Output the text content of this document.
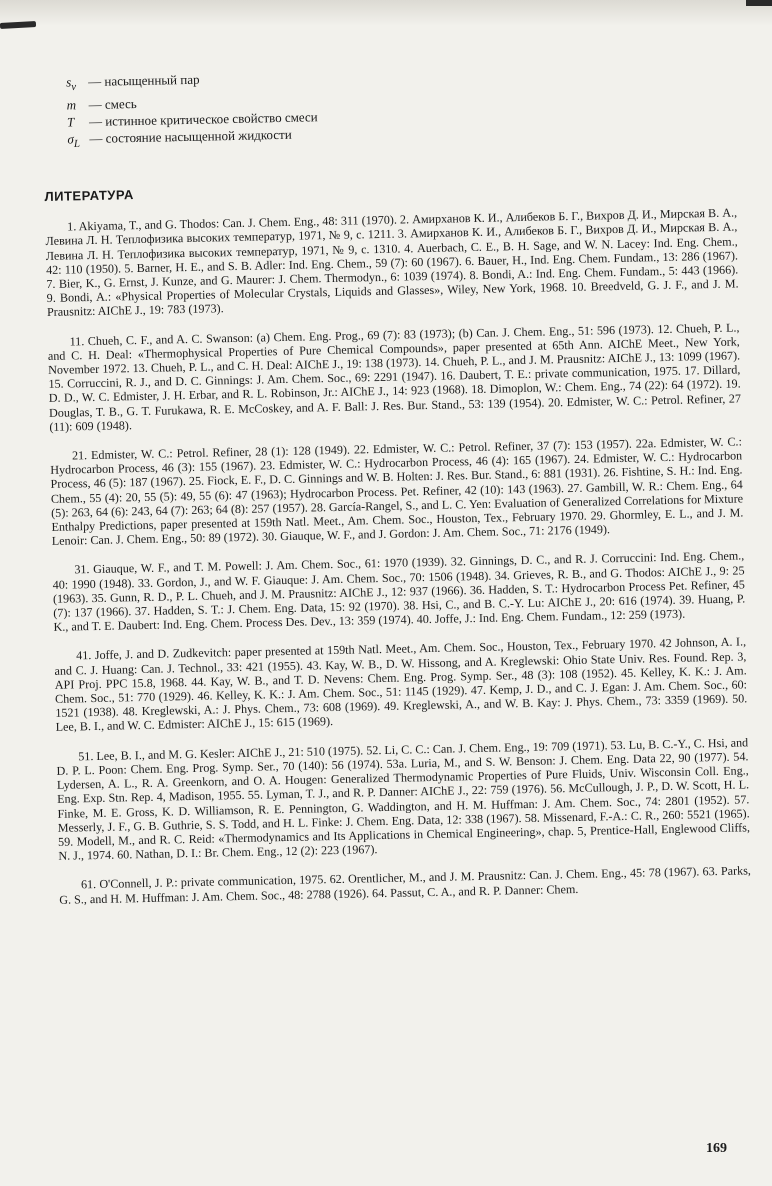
$s_v$ — насыщенный пар
m — смесь
T — истинное критическое свойство смеси
$\sigma_L$ — состояние насыщенной жидкости
ЛИТЕРАТУРА

1. Akiyama, T., and G. Thodos: Can. J. Chem. Eng., 48: 311 (1970). 2. Амирханов К. И., Алибеков Б. Г., Вихров Д. И., Мирская В. А., Левина Л. Н. Теплофизика высоких температур, 1971, № 9, с. 1211. 3. Амирханов К. И., Алибеков Б. Г., Вихров Д. И., Мирская В. А., Левина Л. Н. Теплофизика высоких температур, 1971, № 9, с. 1310. 4. Auerbach, C. E., B. H. Sage, and W. N. Lacey: Ind. Eng. Chem., 42: 110 (1950). 5. Barner, H. E., and S. B. Adler: Ind. Eng. Chem., 59 (7): 60 (1967). 6. Bauer, H., Ind. Eng. Chem. Fundam., 13: 286 (1967). 7. Bier, K., G. Ernst, J. Kunze, and G. Maurer: J. Chem. Thermodyn., 6: 1039 (1974). 8. Bondi, A.: Ind. Eng. Chem. Fundam., 5: 443 (1966). 9. Bondi, A.: «Physical Properties of Molecular Crystals, Liquids and Glasses», Wiley, New York, 1968. 10. Breedveld, G. J. F., and J. M. Prausnitz: AIChE J., 19: 783 (1973).

11. Chueh, C. F., and A. C. Swanson: (a) Chem. Eng. Prog., 69 (7): 83 (1973); (b) Can. J. Chem. Eng., 51: 596 (1973). 12. Chueh, P. L., and C. H. Deal: «Thermophysical Properties of Pure Chemical Compounds», paper presented at 65th Ann. AIChE Meet., New York, November 1972. 13. Chueh, P. L., and C. H. Deal: AIChE J., 19: 138 (1973). 14. Chueh, P. L., and J. M. Prausnitz: AIChE J., 13: 1099 (1967). 15. Corruccini, R. J., and D. C. Ginnings: J. Am. Chem. Soc., 69: 2291 (1947). 16. Daubert, T. E.: private communication, 1975. 17. Dillard, D. D., W. C. Edmister, J. H. Erbar, and R. L. Robinson, Jr.: AIChE J., 14: 923 (1968). 18. Dimoplon, W.: Chem. Eng., 74 (22): 64 (1972). 19. Douglas, T. B., G. T. Furukawa, R. E. McCoskey, and A. F. Ball: J. Res. Bur. Stand., 53: 139 (1954). 20. Edmister, W. C.: Petrol. Refiner, 27 (11): 609 (1948).

21. Edmister, W. C.: Petrol. Refiner, 28 (1): 128 (1949). 22. Edmister, W. C.: Petrol. Refiner, 37 (7): 153 (1957). 22a. Edmister, W. C.: Hydrocarbon Process, 46 (3): 155 (1967). 23. Edmister, W. C.: Hydrocarbon Process, 46 (4): 165 (1967). 24. Edmister, W. C.: Hydrocarbon Process, 46 (5): 187 (1967). 25. Fiock, E. F., D. C. Ginnings and W. B. Holten: J. Res. Bur. Stand., 6: 881 (1931). 26. Fishtine, S. H.: Ind. Eng. Chem., 55 (4): 20, 55 (5): 49, 55 (6): 47 (1963); Hydrocarbon Process. Pet. Refiner, 42 (10): 143 (1963). 27. Gambill, W. R.: Chem. Eng., 64 (5): 263, 64 (6): 243, 64 (7): 263; 64 (8): 257 (1957). 28. García-Rangel, S., and L. C. Yen: Evaluation of Generalized Correlations for Mixture Enthalpy Predictions, paper presented at 159th Natl. Meet., Am. Chem. Soc., Houston, Tex., February 1970. 29. Ghormley, E. L., and J. M. Lenoir: Can. J. Chem. Eng., 50: 89 (1972). 30. Giauque, W. F., and J. Gordon: J. Am. Chem. Soc., 71: 2176 (1949).

31. Giauque, W. F., and T. M. Powell: J. Am. Chem. Soc., 61: 1970 (1939). 32. Ginnings, D. C., and R. J. Corruccini: Ind. Eng. Chem., 40: 1990 (1948). 33. Gordon, J., and W. F. Giauque: J. Am. Chem. Soc., 70: 1506 (1948). 34. Grieves, R. B., and G. Thodos: AIChE J., 9: 25 (1963). 35. Gunn, R. D., P. L. Chueh, and J. M. Prausnitz: AIChE J., 12: 937 (1966). 36. Hadden, S. T.: Hydrocarbon Process Pet. Refiner, 45 (7): 137 (1966). 37. Hadden, S. T.: J. Chem. Eng. Data, 15: 92 (1970). 38. Hsi, C., and B. C.-Y. Lu: AIChE J., 20: 616 (1974). 39. Huang, P. K., and T. E. Daubert: Ind. Eng. Chem. Process Des. Dev., 13: 359 (1974). 40. Joffe, J.: Ind. Eng. Chem. Fundam., 12: 259 (1973).

41. Joffe, J. and D. Zudkevitch: paper presented at 159th Natl. Meet., Am. Chem. Soc., Houston, Tex., February 1970. 42 Johnson, A. I., and C. J. Huang: Can. J. Technol., 33: 421 (1955). 43. Kay, W. B., D. W. Hissong, and A. Kreglewski: Ohio State Univ. Res. Found. Rep. 3, API Proj. PPC 15.8, 1968. 44. Kay, W. B., and T. D. Nevens: Chem. Eng. Prog. Symp. Ser., 48 (3): 108 (1952). 45. Kelley, K. K.: J. Am. Chem. Soc., 51: 770 (1929). 46. Kelley, K. K.: J. Am. Chem. Soc., 51: 1145 (1929). 47. Kemp, J. D., and C. J. Egan: J. Am. Chem. Soc., 60: 1521 (1938). 48. Kreglewski, A.: J. Phys. Chem., 73: 608 (1969). 49. Kreglewski, A., and W. B. Kay: J. Phys. Chem., 73: 3359 (1969). 50. Lee, B. I., and W. C. Edmister: AIChE J., 15: 615 (1969).

51. Lee, B. I., and M. G. Kesler: AIChE J., 21: 510 (1975). 52. Li, C. C.: Can. J. Chem. Eng., 19: 709 (1971). 53. Lu, B. C.-Y., C. Hsi, and D. P. L. Poon: Chem. Eng. Prog. Symp. Ser., 70 (140): 56 (1974). 53a. Luria, M., and S. W. Benson: J. Chem. Eng. Data 22, 90 (1977). 54. Lydersen, A. L., R. A. Greenkorn, and O. A. Hougen: Generalized Thermodynamic Properties of Pure Fluids, Univ. Wisconsin Coll. Eng., Eng. Exp. Stn. Rep. 4, Madison, 1955. 55. Lyman, T. J., and R. P. Danner: AIChE J., 22: 759 (1976). 56. McCullough, J. P., D. W. Scott, H. L. Finke, M. E. Gross, K. D. Williamson, R. E. Pennington, G. Waddington, and H. M. Huffman: J. Am. Chem. Soc., 74: 2801 (1952). 57. Messerly, J. F., G. B. Guthrie, S. S. Todd, and H. L. Finke: J. Chem. Eng. Data, 12: 338 (1967). 58. Missenard, F.-A.: C. R., 260: 5521 (1965). 59. Modell, M., and R. C. Reid: «Thermodynamics and Its Applications in Chemical Engineering», chap. 5, Prentice-Hall, Englewood Cliffs, N. J., 1974. 60. Nathan, D. I.: Br. Chem. Eng., 12 (2): 223 (1967).

61. O'Connell, J. P.: private communication, 1975. 62. Orentlicher, M., and J. M. Prausnitz: Can. J. Chem. Eng., 45: 78 (1967). 63. Parks, G. S., and H. M. Huffman: J. Am. Chem. Soc., 48: 2788 (1926). 64. Passut, C. A., and R. P. Danner: Chem.

169
